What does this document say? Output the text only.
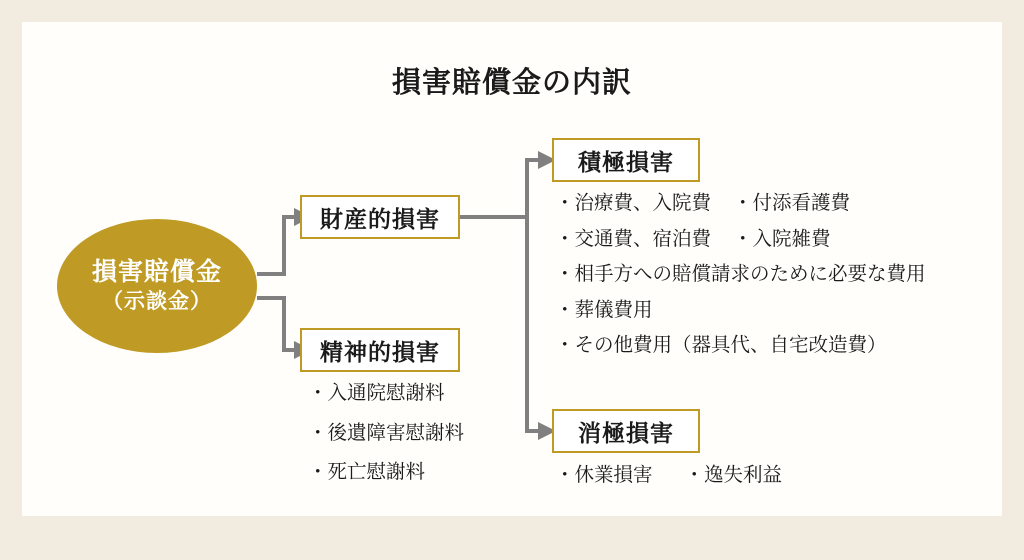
損害賠償金の内訳
損害賠償金
（示談金）
財産的損害
精神的損害
積極損害
消極損害
・治療費、入院費 ・付添看護費
・交通費、宿泊費 ・入院雑費
・相手方への賠償請求のために必要な費用
・葬儀費用
・その他費用（器具代、自宅改造費）
・休業損害 ・逸失利益
・入通院慰謝料
・後遺障害慰謝料
・死亡慰謝料
